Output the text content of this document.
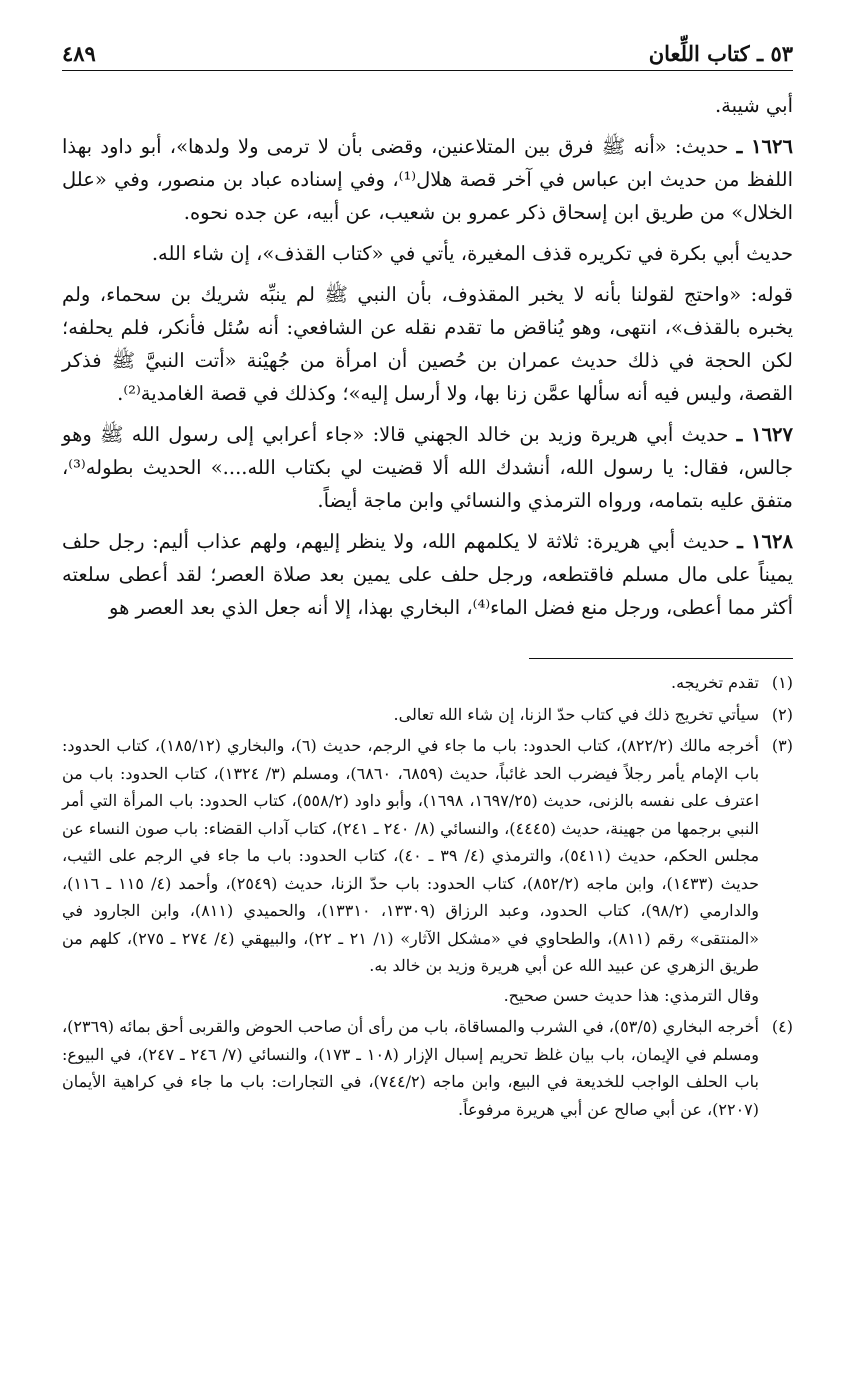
٥٣ ـ كتاب اللِّعان
٤٨٩

أبي شيبة.

١٦٢٦ ـ حديث: «أنه ﷺ فرق بين المتلاعنين، وقضى بأن لا ترمى ولا ولدها»، أبو داود بهذا اللفظ من حديث ابن عباس في آخر قصة هلال⁽¹⁾، وفي إسناده عباد بن منصور، وفي «علل الخلال» من طريق ابن إسحاق ذكر عمرو بن شعيب، عن أبيه، عن جده نحوه.

حديث أبي بكرة في تكريره قذف المغيرة، يأتي في «كتاب القذف»، إن شاء الله.

قوله: «واحتج لقولنا بأنه لا يخبر المقذوف، بأن النبي ﷺ لم ينبِّه شريك بن سحماء، ولم يخبره بالقذف»، انتهى، وهو يُناقض ما تقدم نقله عن الشافعي: أنه سُئل فأنكر، فلم يحلفه؛ لكن الحجة في ذلك حديث عمران بن حُصين أن امرأة من جُهيْنة «أتت النبيَّ ﷺ فذكر القصة، وليس فيه أنه سألها عمَّن زنا بها، ولا أرسل إليه»؛ وكذلك في قصة الغامدية⁽²⁾.

١٦٢٧ ـ حديث أبي هريرة وزيد بن خالد الجهني قالا: «جاء أعرابي إلى رسول الله ﷺ وهو جالس، فقال: يا رسول الله، أنشدك الله ألا قضيت لي بكتاب الله....» الحديث بطوله⁽³⁾، متفق عليه بتمامه، ورواه الترمذي والنسائي وابن ماجة أيضاً.

١٦٢٨ ـ حديث أبي هريرة: ثلاثة لا يكلمهم الله، ولا ينظر إليهم، ولهم عذاب أليم: رجل حلف يميناً على مال مسلم فاقتطعه، ورجل حلف على يمين بعد صلاة العصر؛ لقد أعطى سلعته أكثر مما أعطى، ورجل منع فضل الماء⁽⁴⁾، البخاري بهذا، إلا أنه جعل الذي بعد العصر هو

(١)
تقدم تخريجه.
(٢)
سيأتي تخريج ذلك في كتاب حدّ الزنا، إن شاء الله تعالى.
(٣)
أخرجه مالك (٨٢٢/٢)، كتاب الحدود: باب ما جاء في الرجم، حديث (٦)، والبخاري (١٨٥/١٢)، كتاب الحدود: باب الإمام يأمر رجلاً فيضرب الحد غائباً، حديث (٦٨٥٩، ٦٨٦٠)، ومسلم (٣/ ١٣٢٤)، كتاب الحدود: باب من اعترف على نفسه بالزنى، حديث (١٦٩٧/٢٥، ١٦٩٨)، وأبو داود (٥٥٨/٢)، كتاب الحدود: باب المرأة التي أمر النبي برجمها من جهينة، حديث (٤٤٤٥)، والنسائي (٨/ ٢٤٠ ـ ٢٤١)، كتاب آداب القضاء: باب صون النساء عن مجلس الحكم، حديث (٥٤١١)، والترمذي (٤/ ٣٩ ـ ٤٠)، كتاب الحدود: باب ما جاء في الرجم على الثيب، حديث (١٤٣٣)، وابن ماجه (٨٥٢/٢)، كتاب الحدود: باب حدّ الزنا، حديث (٢٥٤٩)، وأحمد (٤/ ١١٥ ـ ١١٦)، والدارمي (٩٨/٢)، كتاب الحدود، وعبد الرزاق (١٣٣٠٩، ١٣٣١٠)، والحميدي (٨١١)، وابن الجارود في «المنتقى» رقم (٨١١)، والطحاوي في «مشكل الآثار» (١/ ٢١ ـ ٢٢)، والبيهقي (٤/ ٢٧٤ ـ ٢٧٥)، كلهم من طريق الزهري عن عبيد الله عن أبي هريرة وزيد بن خالد به.
وقال الترمذي: هذا حديث حسن صحيح.
(٤)
أخرجه البخاري (٥٣/٥)، في الشرب والمساقاة، باب من رأى أن صاحب الحوض والقربى أحق بمائه (٢٣٦٩)، ومسلم في الإيمان، باب بيان غلظ تحريم إسبال الإزار (١٠٨ ـ ١٧٣)، والنسائي (٧/ ٢٤٦ ـ ٢٤٧)، في البيوع: باب الحلف الواجب للخديعة في البيع، وابن ماجه (٧٤٤/٢)، في التجارات: باب ما جاء في كراهية الأيمان (٢٢٠٧)، عن أبي صالح عن أبي هريرة مرفوعاً.
